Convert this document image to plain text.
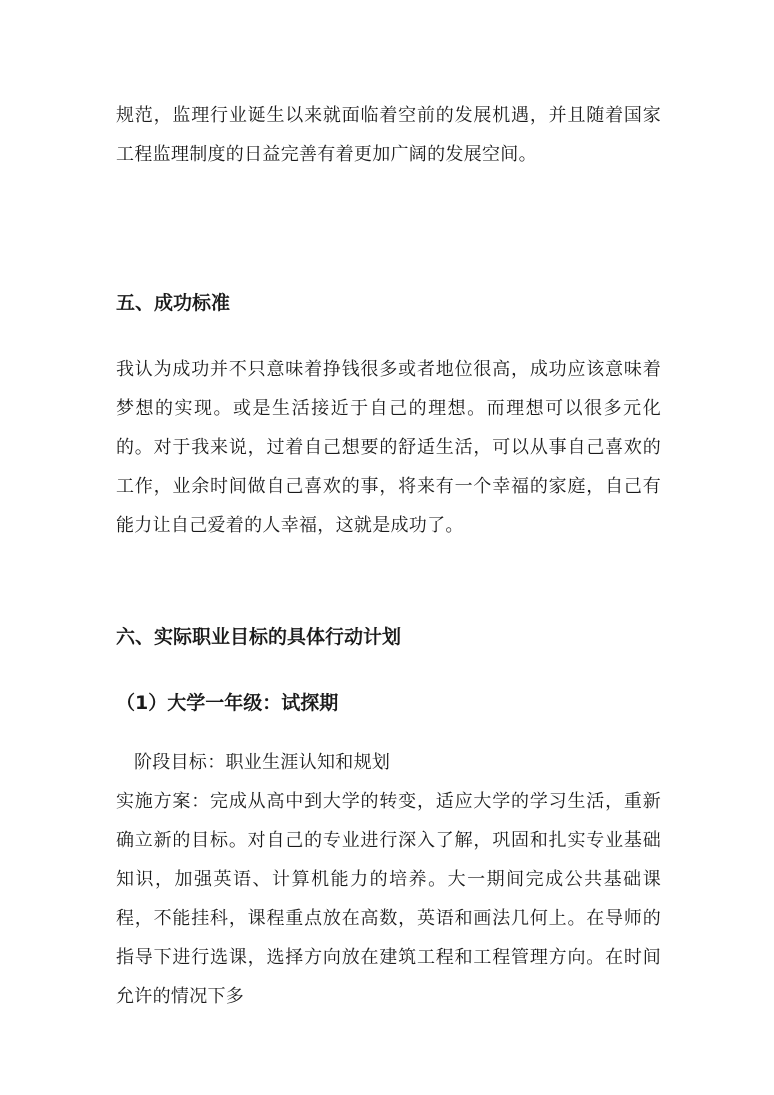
规范，监理行业诞生以来就面临着空前的发展机遇，并且随着国家工程监理制度的日益完善有着更加广阔的发展空间。

五、成功标准

我认为成功并不只意味着挣钱很多或者地位很高，成功应该意味着梦想的实现。或是生活接近于自己的理想。而理想可以很多元化的。对于我来说，过着自己想要的舒适生活，可以从事自己喜欢的工作，业余时间做自己喜欢的事，将来有一个幸福的家庭，自己有能力让自己爱着的人幸福，这就是成功了。

六、实际职业目标的具体行动计划
（1）大学一年级：试探期

阶段目标：职业生涯认知和规划

实施方案：完成从高中到大学的转变，适应大学的学习生活，重新确立新的目标。对自己的专业进行深入了解，巩固和扎实专业基础知识，加强英语、计算机能力的培养。大一期间完成公共基础课程，不能挂科，课程重点放在高数，英语和画法几何上。在导师的指导下进行选课，选择方向放在建筑工程和工程管理方向。在时间允许的情况下多
